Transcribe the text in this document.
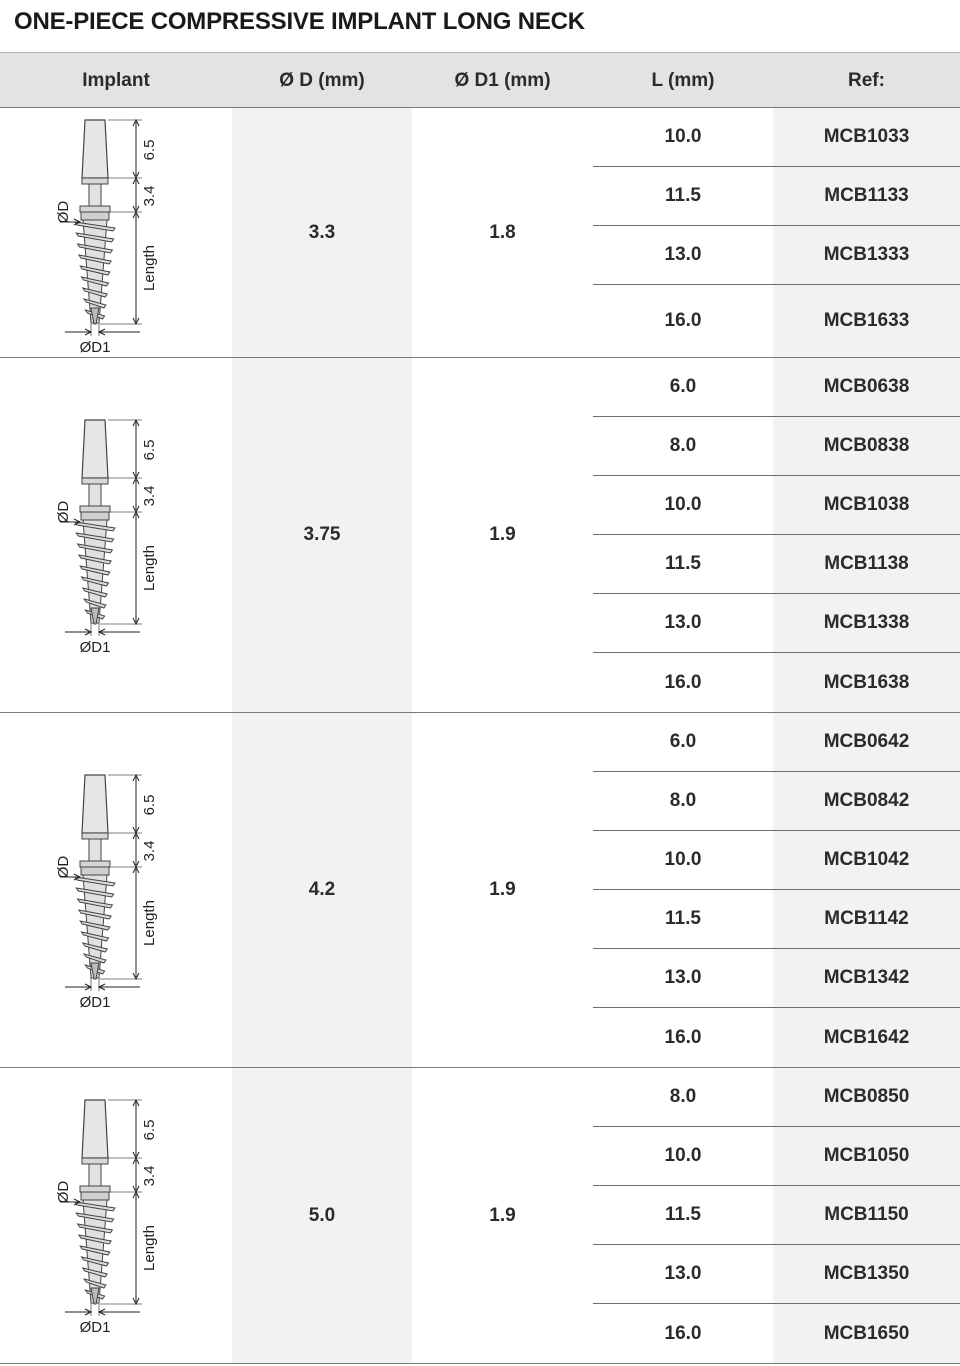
ONE-PIECE COMPRESSIVE IMPLANT LONG NECK
Implant	Ø D (mm)	Ø D1 (mm)	L (mm)	Ref:
6.5
3.4
Length
ØD
ØD1
3.3	1.8
10.0	MCB1033
11.5	MCB1133
13.0	MCB1333
16.0	MCB1633
6.5
3.4
Length
ØD
ØD1
3.75	1.9
6.0	MCB0638
8.0	MCB0838
10.0	MCB1038
11.5	MCB1138
13.0	MCB1338
16.0	MCB1638
6.5
3.4
Length
ØD
ØD1
4.2	1.9
6.0	MCB0642
8.0	MCB0842
10.0	MCB1042
11.5	MCB1142
13.0	MCB1342
16.0	MCB1642
6.5
3.4
Length
ØD
ØD1
5.0	1.9
8.0	MCB0850
10.0	MCB1050
11.5	MCB1150
13.0	MCB1350
16.0	MCB1650
